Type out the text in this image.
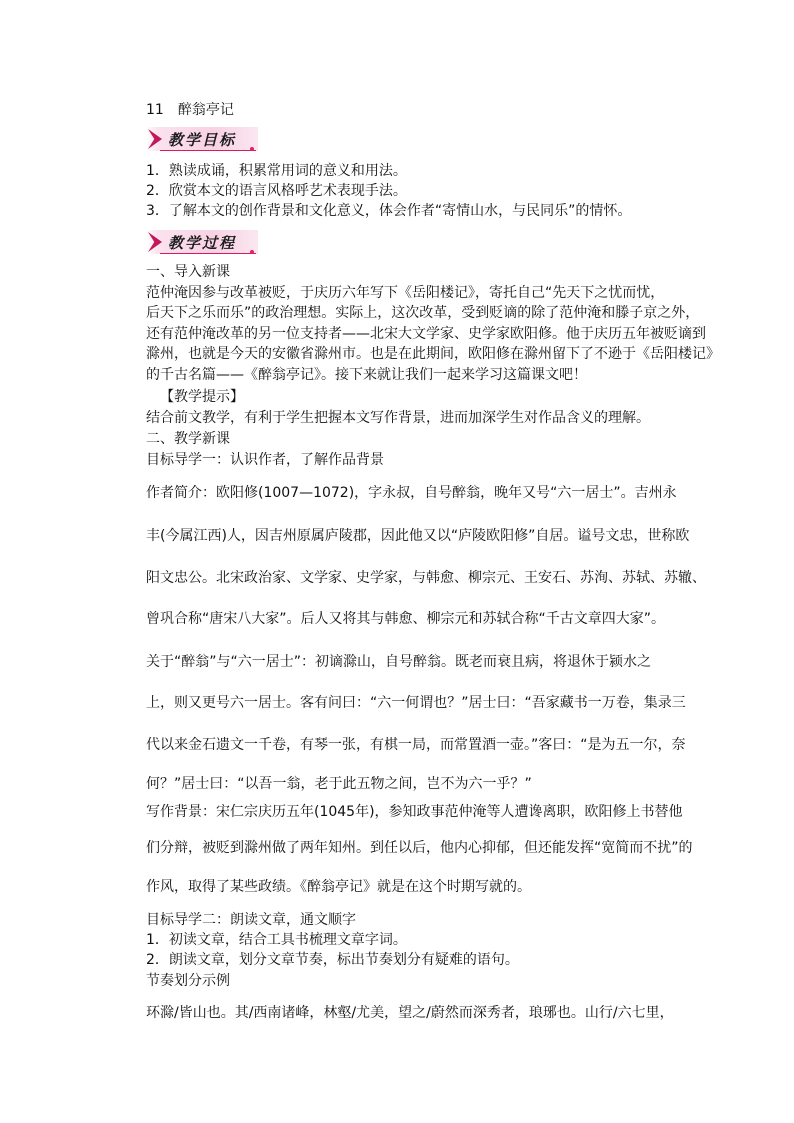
11　醉翁亭记
教学目标
1．熟读成诵，积累常用词的意义和用法。
2．欣赏本文的语言风格呼艺术表现手法。
3．了解本文的创作背景和文化意义，体会作者“寄情山水，与民同乐”的情怀。
教学过程
一、导入新课
范仲淹因参与改革被贬，于庆历六年写下《岳阳楼记》，寄托自己“先天下之忧而忧，
后天下之乐而乐”的政治理想。实际上，这次改革，受到贬谪的除了范仲淹和滕子京之外，
还有范仲淹改革的另一位支持者——北宋大文学家、史学家欧阳修。他于庆历五年被贬谪到
滁州，也就是今天的安徽省滁州市。也是在此期间，欧阳修在滁州留下了不逊于《岳阳楼记》
的千古名篇——《醉翁亭记》。接下来就让我们一起来学习这篇课文吧！
【教学提示】
结合前文教学，有利于学生把握本文写作背景，进而加深学生对作品含义的理解。
二、教学新课
目标导学一：认识作者，了解作品背景
作者简介：欧阳修(1007—1072)，字永叔，自号醉翁，晚年又号“六一居士”。吉州永
丰(今属江西)人，因吉州原属庐陵郡，因此他又以“庐陵欧阳修”自居。谥号文忠，世称欧
阳文忠公。北宋政治家、文学家、史学家，与韩愈、柳宗元、王安石、苏洵、苏轼、苏辙、
曾巩合称“唐宋八大家”。后人又将其与韩愈、柳宗元和苏轼合称“千古文章四大家”。
关于“醉翁”与“六一居士”：初谪滁山，自号醉翁。既老而衰且病，将退休于颍水之
上，则又更号六一居士。客有问曰：“六一何谓也？”居士曰：“吾家藏书一万卷，集录三
代以来金石遗文一千卷，有琴一张，有棋一局，而常置酒一壶。”客曰：“是为五一尔，奈
何？”居士曰：“以吾一翁，老于此五物之间，岂不为六一乎？”
写作背景：宋仁宗庆历五年(1045年)，参知政事范仲淹等人遭谗离职，欧阳修上书替他
们分辩，被贬到滁州做了两年知州。到任以后，他内心抑郁，但还能发挥“宽简而不扰”的
作风，取得了某些政绩。《醉翁亭记》就是在这个时期写就的。
目标导学二：朗读文章，通文顺字
1．初读文章，结合工具书梳理文章字词。
2．朗读文章，划分文章节奏，标出节奏划分有疑难的语句。
节奏划分示例
环滁/皆山也。其/西南诸峰，林壑/尤美，望之/蔚然而深秀者，琅琊也。山行/六七里，
